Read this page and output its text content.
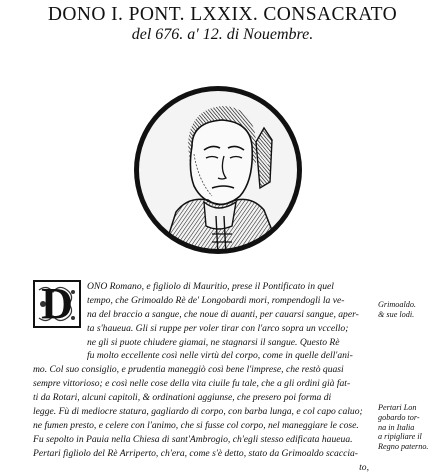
DONO I. PONT. LXXIX. CONSACRATO
del 676. a' 12. di Nouembre.
D	ONO Romano, e figliolo di Mauritio, prese il Pontificato in quel
tempo, che Grimoaldo Rè de' Longobardi mori, rompendogli la ve-
na del braccio a sangue, che noue di auanti, per cauarsi sangue, aper-
ta s'haueua. Gli si ruppe per voler tirar con l'arco sopra un vccello;
ne gli si puote chiudere giamai, ne stagnarsi il sangue. Questo Rè
fu molto eccellente così nelle virtù del corpo, come in quelle dell'ani-
mo. Col suo consiglio, e prudentia maneggiò così bene l'imprese, che restò quasi
sempre vittorioso; e così nelle cose della vita ciuile fu tale, che a gli ordini già fat-
ti da Rotari, alcuni capitoli, & ordinationi aggiunse, che presero poi forma di
legge. Fù di mediocre statura, gagliardo di corpo, con barba lunga, e col capo caluo;
ne fumen presto, e celere con l'animo, che si fusse col corpo, nel maneggiare le cose.
Fu sepolto in Pauia nella Chiesa di sant'Ambrogio, ch'egli stesso edificata haueua.
Pertari figliolo del Rè Arriperto, ch'era, come s'è detto, stato da Grimoaldo scaccia-
to,
Grimoaldo.
& sue lodi.
Pertari Lon
gobardo tor-
na in Italia
a ripigliare il
Regno paterno.
